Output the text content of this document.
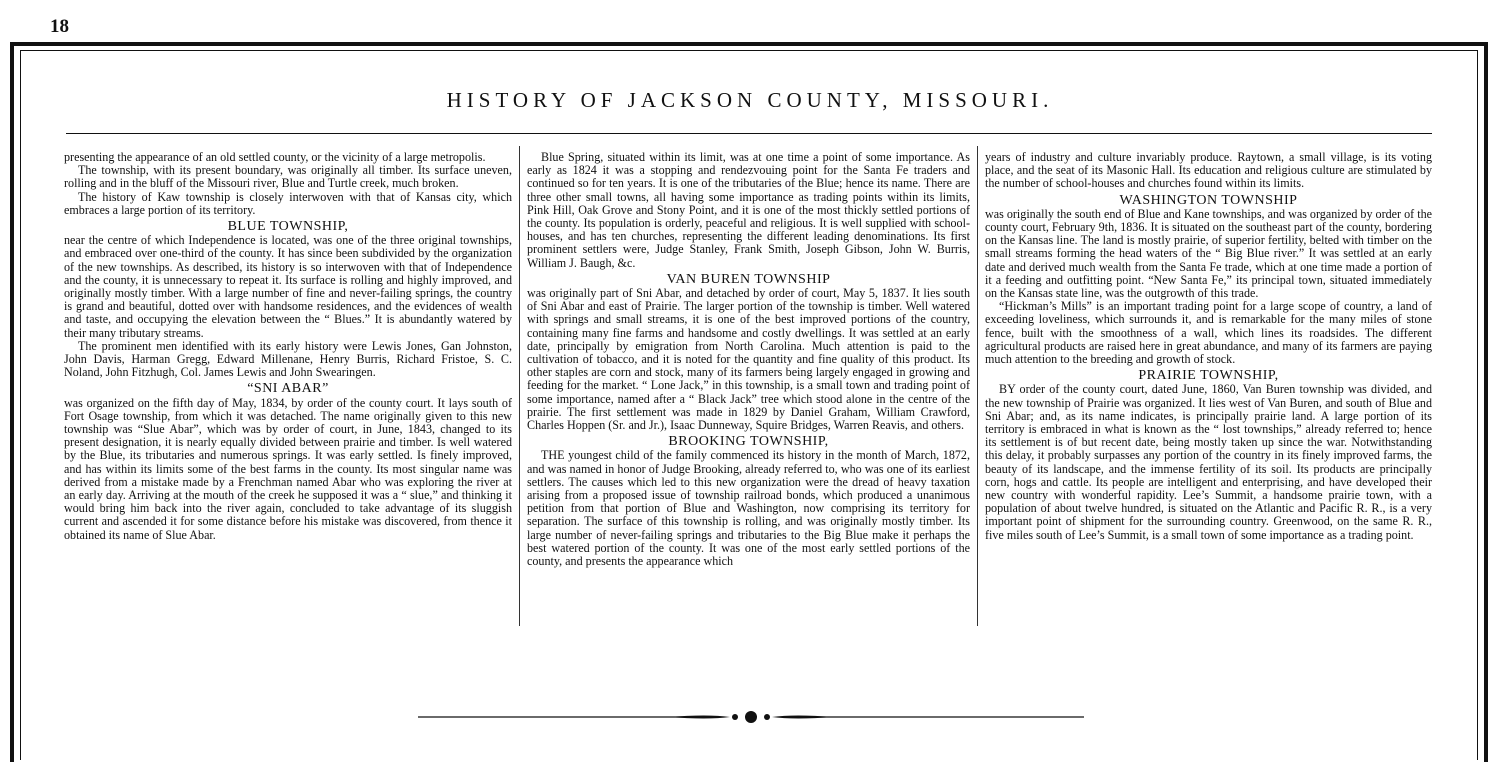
18
HISTORY OF JACKSON COUNTY, MISSOURI.

presenting the appearance of an old settled county, or the vicinity of a large metropolis.

The township, with its present boundary, was originally all timber. Its surface uneven, rolling and in the bluff of the Missouri river, Blue and Turtle creek, much broken.

The history of Kaw township is closely interwoven with that of Kansas city, which embraces a large portion of its territory.

BLUE TOWNSHIP,

near the centre of which Independence is located, was one of the three original townships, and embraced over one-third of the county. It has since been subdivided by the organization of the new townships. As described, its history is so interwoven with that of Independence and the county, it is unnecessary to repeat it. Its surface is rolling and highly improved, and originally mostly timber. With a large number of fine and never-failing springs, the country is grand and beautiful, dotted over with handsome residences, and the evidences of wealth and taste, and occupying the elevation between the “ Blues.” It is abundantly watered by their many tributary streams.

The prominent men identified with its early history were Lewis Jones, Gan Johnston, John Davis, Harman Gregg, Edward Millenane, Henry Burris, Richard Fristoe, S. C. Noland, John Fitzhugh, Col. James Lewis and John Swearingen.

“SNI ABAR”

was organized on the fifth day of May, 1834, by order of the county court. It lays south of Fort Osage township, from which it was detached. The name originally given to this new township was “Slue Abar”, which was by order of court, in June, 1843, changed to its present designation, it is nearly equally divided between prairie and timber. Is well watered by the Blue, its tributaries and numerous springs. It was early settled. Is finely improved, and has within its limits some of the best farms in the county. Its most singular name was derived from a mistake made by a Frenchman named Abar who was exploring the river at an early day. Arriving at the mouth of the creek he supposed it was a “ slue,” and thinking it would bring him back into the river again, concluded to take advantage of its sluggish current and ascended it for some distance before his mistake was discovered, from thence it obtained its name of Slue Abar.

Blue Spring, situated within its limit, was at one time a point of some importance. As early as 1824 it was a stopping and rendezvouing point for the Santa Fe traders and continued so for ten years. It is one of the tributaries of the Blue; hence its name. There are three other small towns, all having some importance as trading points within its limits, Pink Hill, Oak Grove and Stony Point, and it is one of the most thickly settled portions of the county. Its population is orderly, peaceful and religious. It is well supplied with school-houses, and has ten churches, representing the different leading denominations. Its first prominent settlers were, Judge Stanley, Frank Smith, Joseph Gibson, John W. Burris, William J. Baugh, &c.

VAN BUREN TOWNSHIP

was originally part of Sni Abar, and detached by order of court, May 5, 1837. It lies south of Sni Abar and east of Prairie. The larger portion of the township is timber. Well watered with springs and small streams, it is one of the best improved portions of the country, containing many fine farms and handsome and costly dwellings. It was settled at an early date, principally by emigration from North Carolina. Much attention is paid to the cultivation of tobacco, and it is noted for the quantity and fine quality of this product. Its other staples are corn and stock, many of its farmers being largely engaged in growing and feeding for the market. “ Lone Jack,” in this township, is a small town and trading point of some importance, named after a “ Black Jack” tree which stood alone in the centre of the prairie. The first settlement was made in 1829 by Daniel Graham, William Crawford, Charles Hoppen (Sr. and Jr.), Isaac Dunneway, Squire Bridges, Warren Reavis, and others.

BROOKING TOWNSHIP,

THE youngest child of the family commenced its history in the month of March, 1872, and was named in honor of Judge Brooking, already referred to, who was one of its earliest settlers. The causes which led to this new organization were the dread of heavy taxation arising from a proposed issue of township railroad bonds, which produced a unanimous petition from that portion of Blue and Washington, now comprising its territory for separation. The surface of this township is rolling, and was originally mostly timber. Its large number of never-failing springs and tributaries to the Big Blue make it perhaps the best watered portion of the county. It was one of the most early settled portions of the county, and presents the appearance which

years of industry and culture invariably produce. Raytown, a small village, is its voting place, and the seat of its Masonic Hall. Its education and religious culture are stimulated by the number of school-houses and churches found within its limits.

WASHINGTON TOWNSHIP

was originally the south end of Blue and Kane townships, and was organized by order of the county court, February 9th, 1836. It is situated on the southeast part of the county, bordering on the Kansas line. The land is mostly prairie, of superior fertility, belted with timber on the small streams forming the head waters of the “ Big Blue river.” It was settled at an early date and derived much wealth from the Santa Fe trade, which at one time made a portion of it a feeding and outfitting point. “New Santa Fe,” its principal town, situated immediately on the Kansas state line, was the outgrowth of this trade.

“Hickman’s Mills” is an important trading point for a large scope of country, a land of exceeding loveliness, which surrounds it, and is remarkable for the many miles of stone fence, built with the smoothness of a wall, which lines its roadsides. The different agricultural products are raised here in great abundance, and many of its farmers are paying much attention to the breeding and growth of stock.

PRAIRIE TOWNSHIP,

BY order of the county court, dated June, 1860, Van Buren township was divided, and the new township of Prairie was organized. It lies west of Van Buren, and south of Blue and Sni Abar; and, as its name indicates, is principally prairie land. A large portion of its territory is embraced in what is known as the “ lost townships,” already referred to; hence its settlement is of but recent date, being mostly taken up since the war. Notwithstanding this delay, it probably surpasses any portion of the country in its finely improved farms, the beauty of its landscape, and the immense fertility of its soil. Its products are principally corn, hogs and cattle. Its people are intelligent and enterprising, and have developed their new country with wonderful rapidity. Lee’s Summit, a handsome prairie town, with a population of about twelve hundred, is situated on the Atlantic and Pacific R. R., is a very important point of shipment for the surrounding country. Greenwood, on the same R. R., five miles south of Lee’s Summit, is a small town of some importance as a trading point.
